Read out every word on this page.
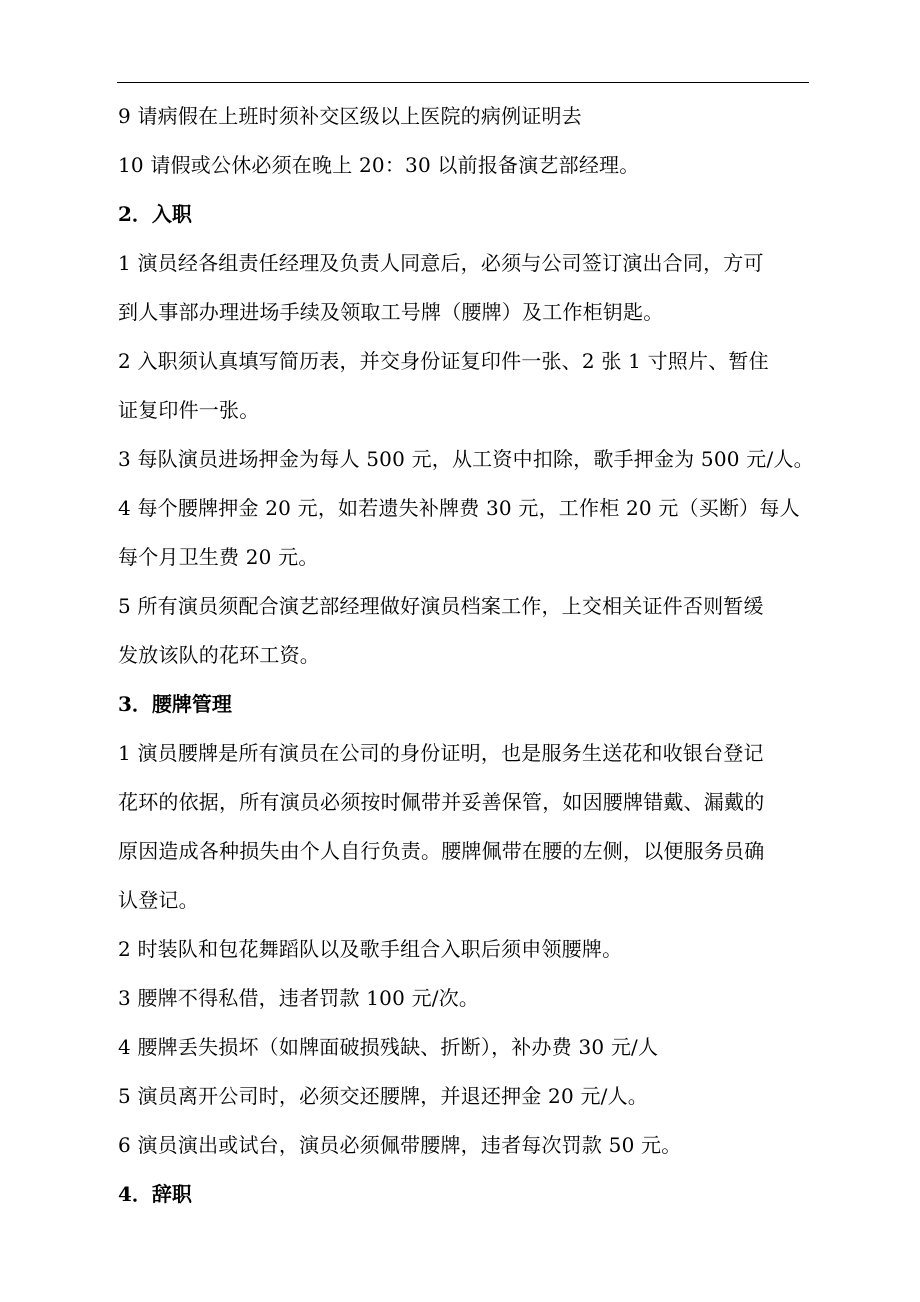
9 请病假在上班时须补交区级以上医院的病例证明去
10 请假或公休必须在晚上 20：30 以前报备演艺部经理。
2．入职
1 演员经各组责任经理及负责人同意后，必须与公司签订演出合同，方可
到人事部办理进场手续及领取工号牌（腰牌）及工作柜钥匙。
2 入职须认真填写简历表，并交身份证复印件一张、2 张 1 寸照片、暂住
证复印件一张。
3 每队演员进场押金为每人 500 元，从工资中扣除，歌手押金为 500 元/人。
4 每个腰牌押金 20 元，如若遗失补牌费 30 元，工作柜 20 元（买断）每人
每个月卫生费 20 元。
5 所有演员须配合演艺部经理做好演员档案工作，上交相关证件否则暂缓
发放该队的花环工资。
3．腰牌管理
1 演员腰牌是所有演员在公司的身份证明，也是服务生送花和收银台登记
花环的依据，所有演员必须按时佩带并妥善保管，如因腰牌错戴、漏戴的
原因造成各种损失由个人自行负责。腰牌佩带在腰的左侧，以便服务员确
认登记。
2 时装队和包花舞蹈队以及歌手组合入职后须申领腰牌。
3 腰牌不得私借，违者罚款 100 元/次。
4 腰牌丢失损坏（如牌面破损残缺、折断），补办费 30 元/人
5 演员离开公司时，必须交还腰牌，并退还押金 20 元/人。
6 演员演出或试台，演员必须佩带腰牌，违者每次罚款 50 元。
4．辞职
